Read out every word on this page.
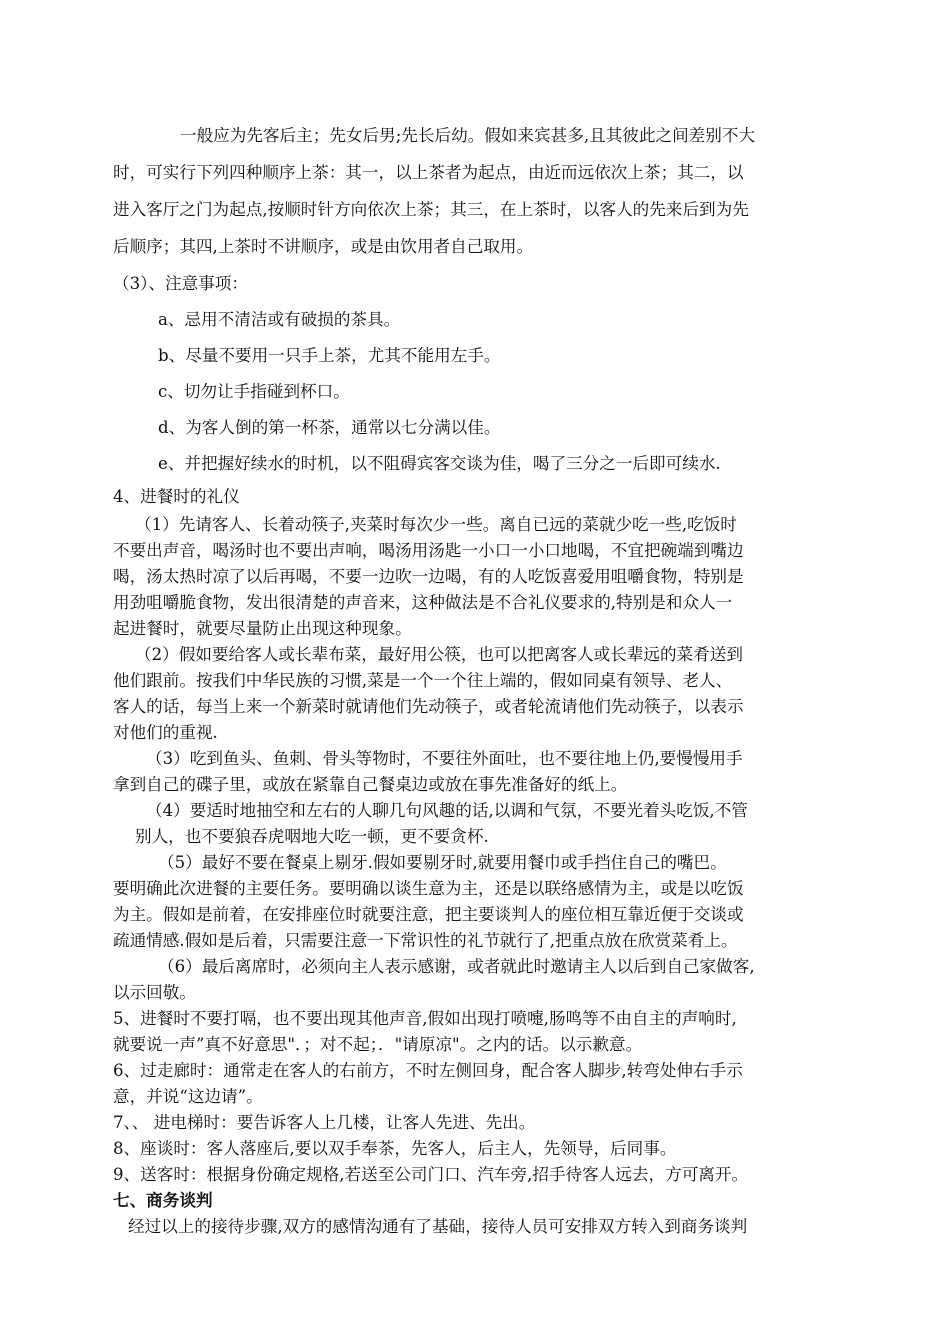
一般应为先客后主；先女后男;先长后幼。假如来宾甚多,且其彼此之间差别不大
时，可实行下列四种顺序上茶：其一，以上茶者为起点，由近而远依次上茶；其二，以
进入客厅之门为起点,按顺时针方向依次上茶；其三，在上茶时，以客人的先来后到为先
后顺序；其四,上茶时不讲顺序，或是由饮用者自己取用。
（3）、注意事项：
a、忌用不清洁或有破损的茶具。
b、尽量不要用一只手上茶，尤其不能用左手。
c、切勿让手指碰到杯口。
d、为客人倒的第一杯茶，通常以七分满以佳。
e、并把握好续水的时机，以不阻碍宾客交谈为佳，喝了三分之一后即可续水.
4、进餐时的礼仪
（1）先请客人、长着动筷子,夹菜时每次少一些。离自已远的菜就少吃一些,吃饭时
不要出声音，喝汤时也不要出声响，喝汤用汤匙一小口一小口地喝，不宜把碗端到嘴边
喝，汤太热时凉了以后再喝，不要一边吹一边喝，有的人吃饭喜爱用咀嚼食物，特别是
用劲咀嚼脆食物，发出很清楚的声音来，这种做法是不合礼仪要求的,特别是和众人一
起进餐时，就要尽量防止出现这种现象。
（2）假如要给客人或长辈布菜，最好用公筷，也可以把离客人或长辈远的菜肴送到
他们跟前。按我们中华民族的习惯,菜是一个一个往上端的，假如同桌有领导、老人、
客人的话，每当上来一个新菜时就请他们先动筷子，或者轮流请他们先动筷子，以表示
对他们的重视.
（3）吃到鱼头、鱼刺、骨头等物时，不要往外面吐，也不要往地上仍,要慢慢用手
拿到自己的碟子里，或放在紧靠自己餐桌边或放在事先准备好的纸上。
（4）要适时地抽空和左右的人聊几句风趣的话,以调和气氛，不要光着头吃饭,不管
别人，也不要狼吞虎咽地大吃一顿，更不要贪杯.
（5）最好不要在餐桌上剔牙.假如要剔牙时,就要用餐巾或手挡住自己的嘴巴。
要明确此次进餐的主要任务。要明确以谈生意为主，还是以联络感情为主，或是以吃饭
为主。假如是前着，在安排座位时就要注意，把主要谈判人的座位相互靠近便于交谈或
疏通情感.假如是后着，只需要注意一下常识性的礼节就行了,把重点放在欣赏菜肴上。
（6）最后离席时，必须向主人表示感谢，或者就此时邀请主人以后到自己家做客,
以示回敬。
5、进餐时不要打嗝，也不要出现其他声音,假如出现打喷嚏,肠鸣等不由自主的声响时,
就要说一声”真不好意思"．；对不起；．"请原凉"。之内的话。以示歉意。
6、过走廊时：通常走在客人的右前方，不时左侧回身，配合客人脚步,转弯处伸右手示
意，并说“这边请”。
7、、 进电梯时：要告诉客人上几楼，让客人先进、先出。
8、座谈时：客人落座后,要以双手奉茶，先客人，后主人，先领导，后同事。
9、送客时：根据身份确定规格,若送至公司门口、汽车旁,招手待客人远去，方可离开。
七、商务谈判
经过以上的接待步骤,双方的感情沟通有了基础，接待人员可安排双方转入到商务谈判
